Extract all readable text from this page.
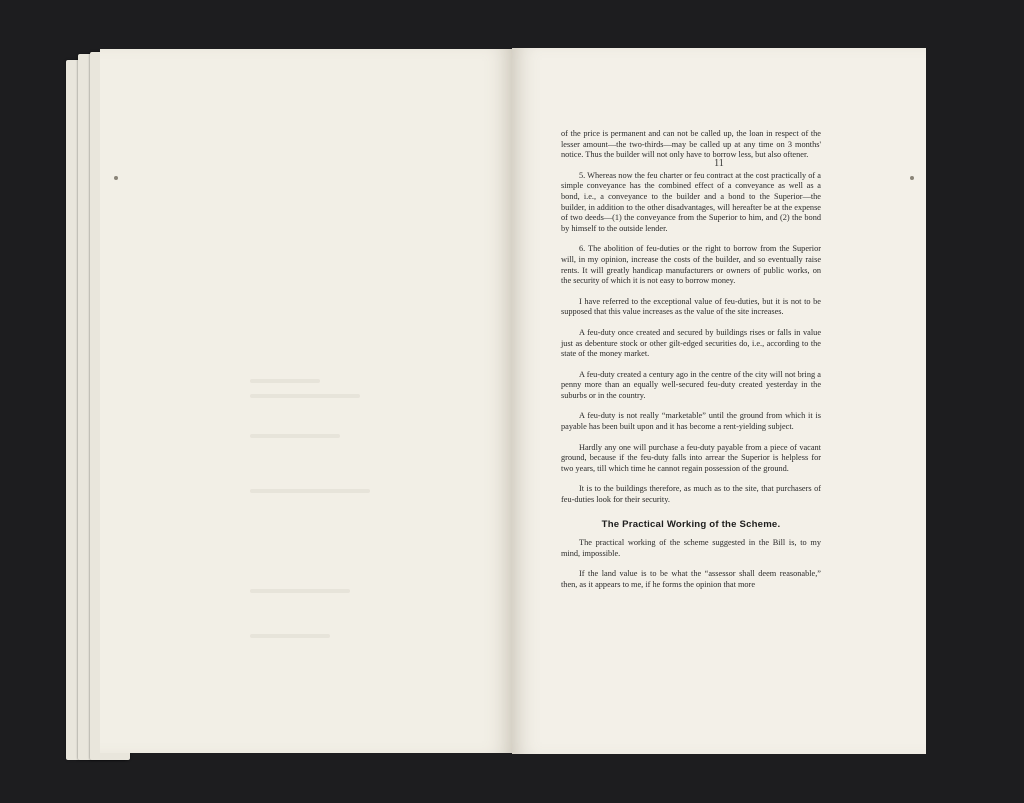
11

of the price is permanent and can not be called up, the loan in respect of the lesser amount—the two-thirds—may be called up at any time on 3 months' notice. Thus the builder will not only have to borrow less, but also oftener.

5. Whereas now the feu charter or feu contract at the cost practically of a simple conveyance has the combined effect of a conveyance as well as a bond, i.e., a conveyance to the builder and a bond to the Superior—the builder, in addition to the other disadvantages, will hereafter be at the expense of two deeds—(1) the conveyance from the Superior to him, and (2) the bond by himself to the outside lender.

6. The abolition of feu-duties or the right to borrow from the Superior will, in my opinion, increase the costs of the builder, and so eventually raise rents. It will greatly handicap manufacturers or owners of public works, on the security of which it is not easy to borrow money.

I have referred to the exceptional value of feu-duties, but it is not to be supposed that this value increases as the value of the site increases.

A feu-duty once created and secured by buildings rises or falls in value just as debenture stock or other gilt-edged securities do, i.e., according to the state of the money market.

A feu-duty created a century ago in the centre of the city will not bring a penny more than an equally well-secured feu-duty created yesterday in the suburbs or in the country.

A feu-duty is not really “marketable” until the ground from which it is payable has been built upon and it has become a rent-yielding subject.

Hardly any one will purchase a feu-duty payable from a piece of vacant ground, because if the feu-duty falls into arrear the Superior is helpless for two years, till which time he cannot regain possession of the ground.

It is to the buildings therefore, as much as to the site, that purchasers of feu-duties look for their security.

The Practical Working of the Scheme.

The practical working of the scheme suggested in the Bill is, to my mind, impossible.

If the land value is to be what the “assessor shall deem reasonable,” then, as it appears to me, if he forms the opinion that more
